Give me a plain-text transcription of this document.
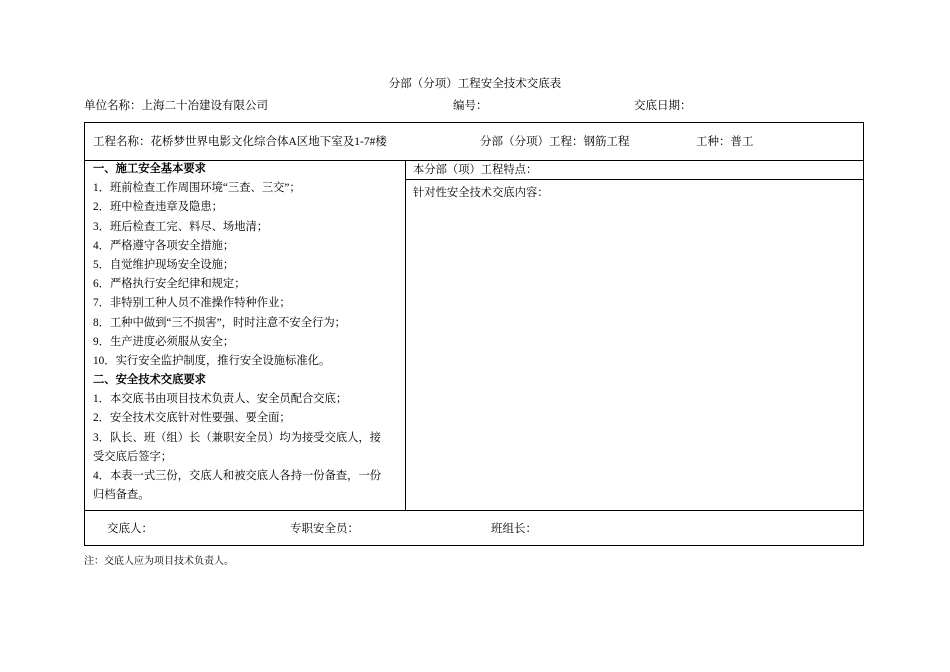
分部（分项）工程安全技术交底表
单位名称：上海二十冶建设有限公司	编号：	交底日期：
工程名称：花桥梦世界电影文化综合体A区地下室及1-7#楼	分部（分项）工程：钢筋工程	工种：普工
一、施工安全基本要求
1．班前检查工作周围环境“三查、三交”；
2．班中检查违章及隐患；
3．班后检查工完、料尽、场地清；
4．严格遵守各项安全措施；
5．自觉维护现场安全设施；
6．严格执行安全纪律和规定；
7．非特别工种人员不准操作特种作业；
8．工种中做到“三不损害”，时时注意不安全行为；
9．生产进度必须服从安全；
10．实行安全监护制度，推行安全设施标准化。
二、安全技术交底要求
1．本交底书由项目技术负责人、安全员配合交底；
2．安全技术交底针对性要强、要全面；
3．队长、班（组）长（兼职安全员）均为接受交底人，接
受交底后签字；
4．本表一式三份，交底人和被交底人各持一份备查，一份
归档备查。
本分部（项）工程特点：
针对性安全技术交底内容：
交底人：	专职安全员：	班组长：
注：交底人应为项目技术负责人。
